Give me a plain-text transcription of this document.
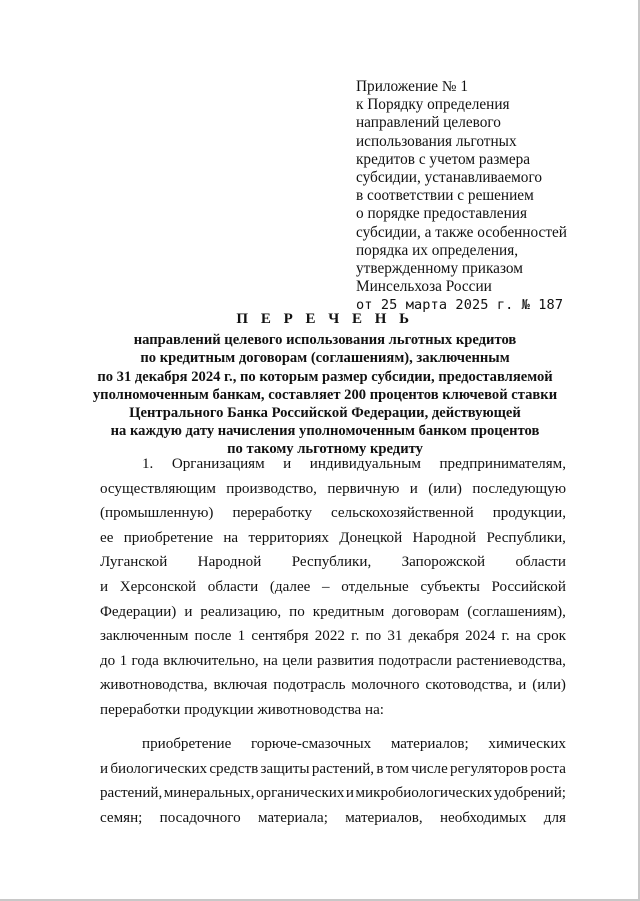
Приложение № 1
к Порядку определения
направлений целевого
использования льготных
кредитов с учетом размера
субсидии, устанавливаемого
в соответствии с решением
о порядке предоставления
субсидии, а также особенностей
порядка их определения,
утвержденному приказом
Минсельхоза России
от 25 марта 2025 г. № 187
П Е Р Е Ч Е Н Ь
направлений целевого использования льготных кредитов
по кредитным договорам (соглашениям), заключенным
по 31 декабря 2024 г., по которым размер субсидии, предоставляемой
уполномоченным банкам, составляет 200 процентов ключевой ставки
Центрального Банка Российской Федерации, действующей
на каждую дату начисления уполномоченным банком процентов
по такому льготному кредиту
1. Организациям и индивидуальным предпринимателям,
осуществляющим производство, первичную и (или) последующую
(промышленную) переработку сельскохозяйственной продукции,
ее приобретение на территориях Донецкой Народной Республики,
Луганской Народной Республики, Запорожской области
и Херсонской области (далее – отдельные субъекты Российской
Федерации) и реализацию, по кредитным договорам (соглашениям),
заключенным после 1 сентября 2022 г. по 31 декабря 2024 г. на срок
до 1 года включительно, на цели развития подотрасли растениеводства,
животноводства, включая подотрасль молочного скотоводства, и (или)
переработки продукции животноводства на:
приобретение горюче-смазочных материалов; химических
и биологических средств защиты растений, в том числе регуляторов роста
растений, минеральных, органических и микробиологических удобрений;
семян; посадочного материала; материалов, необходимых для
